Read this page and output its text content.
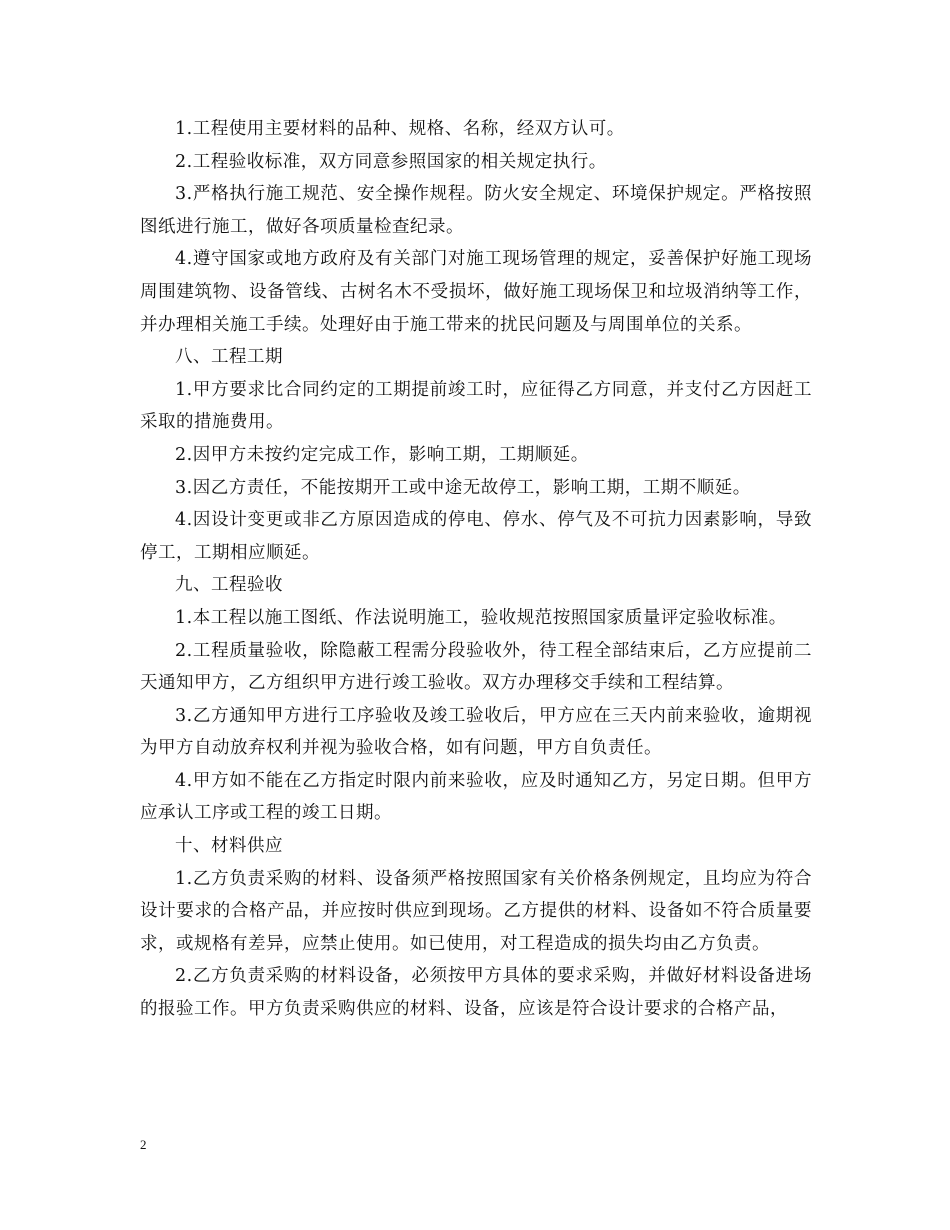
1.工程使用主要材料的品种、规格、名称，经双方认可。

2.工程验收标准，双方同意参照国家的相关规定执行。

3.严格执行施工规范、安全操作规程。防火安全规定、环境保护规定。严格按照图纸进行施工，做好各项质量检查纪录。

4.遵守国家或地方政府及有关部门对施工现场管理的规定，妥善保护好施工现场周围建筑物、设备管线、古树名木不受损坏，做好施工现场保卫和垃圾消纳等工作，并办理相关施工手续。处理好由于施工带来的扰民问题及与周围单位的关系。

八、工程工期

1.甲方要求比合同约定的工期提前竣工时，应征得乙方同意，并支付乙方因赶工采取的措施费用。

2.因甲方未按约定完成工作，影响工期，工期顺延。

3.因乙方责任，不能按期开工或中途无故停工，影响工期，工期不顺延。

4.因设计变更或非乙方原因造成的停电、停水、停气及不可抗力因素影响，导致停工，工期相应顺延。

九、工程验收

1.本工程以施工图纸、作法说明施工，验收规范按照国家质量评定验收标准。

2.工程质量验收，除隐蔽工程需分段验收外，待工程全部结束后，乙方应提前二天通知甲方，乙方组织甲方进行竣工验收。双方办理移交手续和工程结算。

3.乙方通知甲方进行工序验收及竣工验收后，甲方应在三天内前来验收，逾期视为甲方自动放弃权利并视为验收合格，如有问题，甲方自负责任。

4.甲方如不能在乙方指定时限内前来验收，应及时通知乙方，另定日期。但甲方应承认工序或工程的竣工日期。

十、材料供应

1.乙方负责采购的材料、设备须严格按照国家有关价格条例规定，且均应为符合设计要求的合格产品，并应按时供应到现场。乙方提供的材料、设备如不符合质量要求，或规格有差异，应禁止使用。如已使用，对工程造成的损失均由乙方负责。

2.乙方负责采购的材料设备，必须按甲方具体的要求采购，并做好材料设备进场的报验工作。甲方负责采购供应的材料、设备，应该是符合设计要求的合格产品，

2
